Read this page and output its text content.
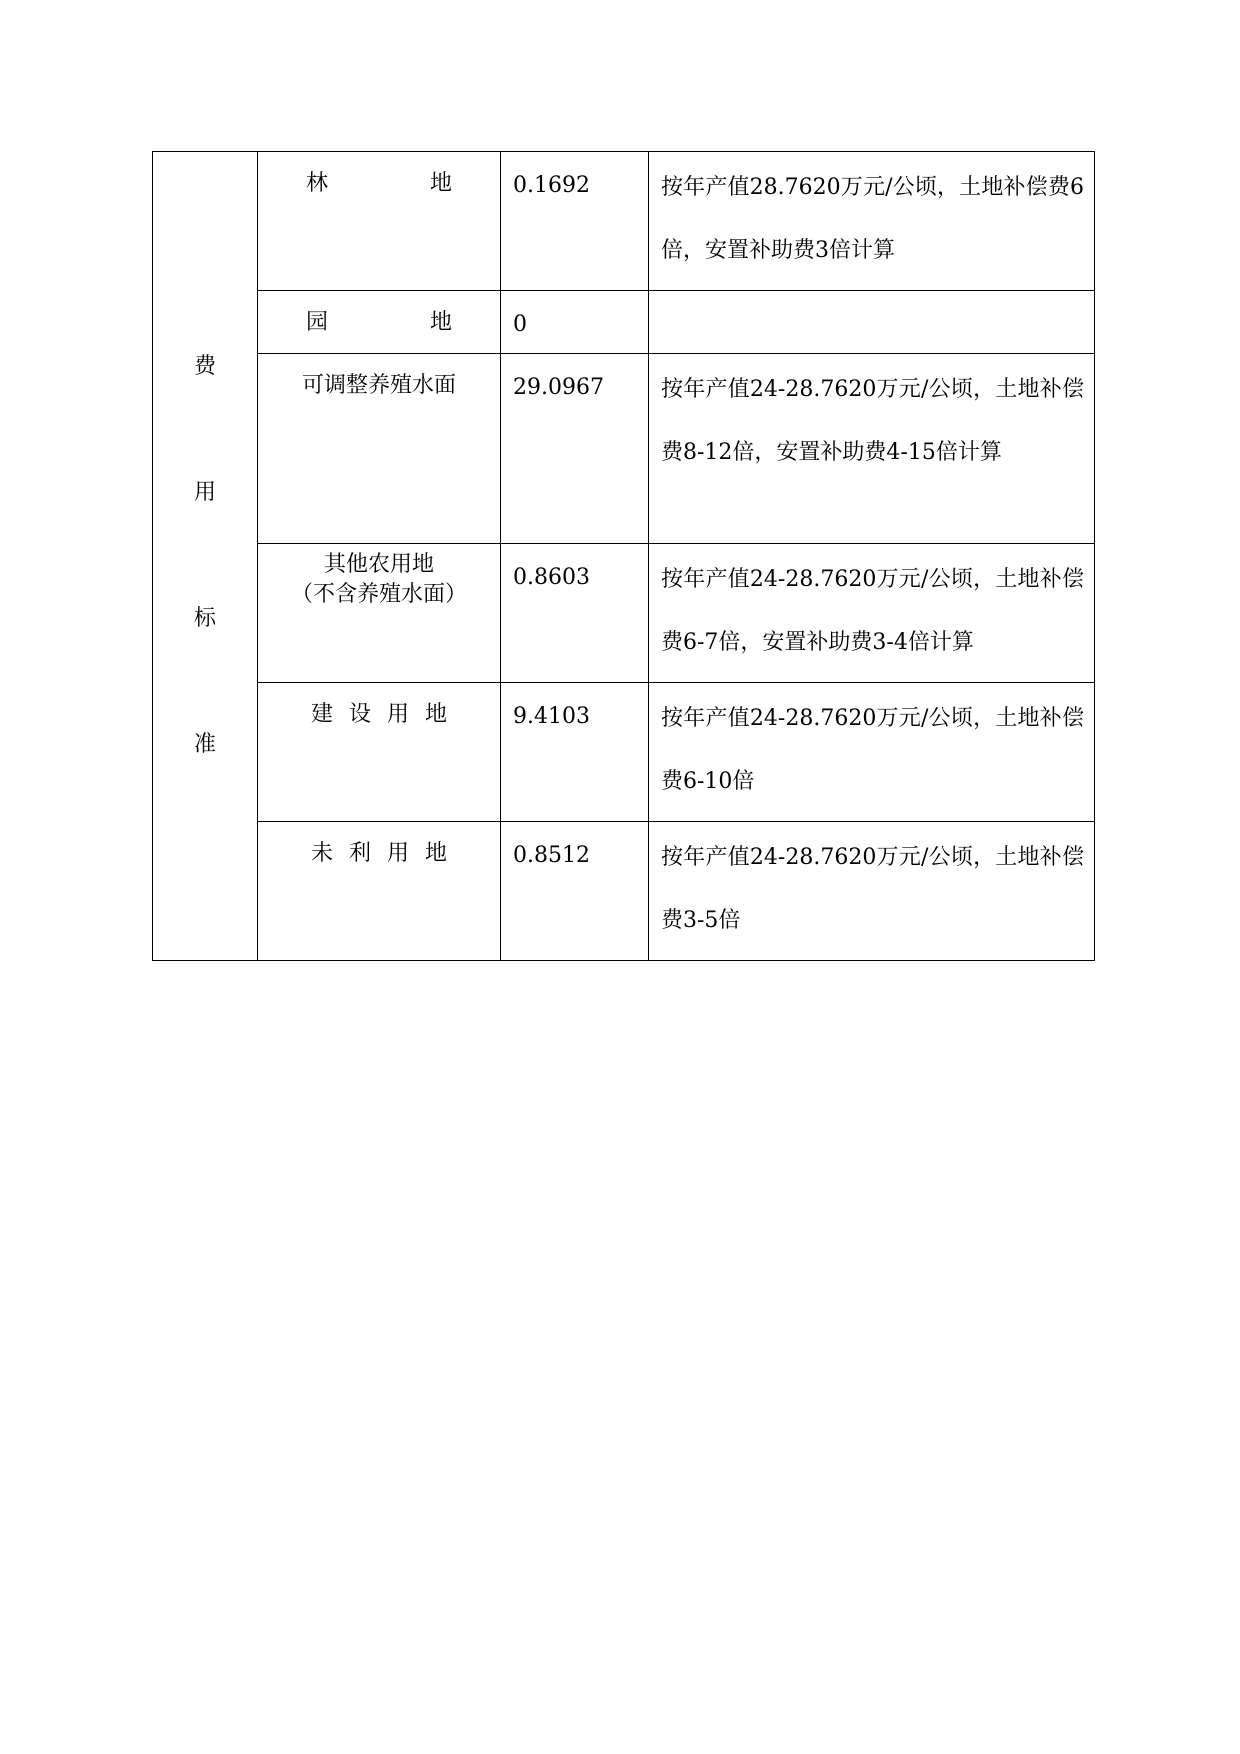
费
用
标
准	林 地	0.1692	按年产值28.7620万元/公顷，土地补偿费6倍，安置补助费3倍计算

	园 地	0	

	可调整养殖水面	29.0967	按年产值24-28.7620万元/公顷，土地补偿费8-12倍，安置补助费4-15倍计算

	其他农用地
（不含养殖水面）	0.8603	按年产值24-28.7620万元/公顷，土地补偿费6-7倍，安置补助费3-4倍计算

	建设用地	9.4103	按年产值24-28.7620万元/公顷，土地补偿费6-10倍

	未利用地	0.8512	按年产值24-28.7620万元/公顷，土地补偿费3-5倍
